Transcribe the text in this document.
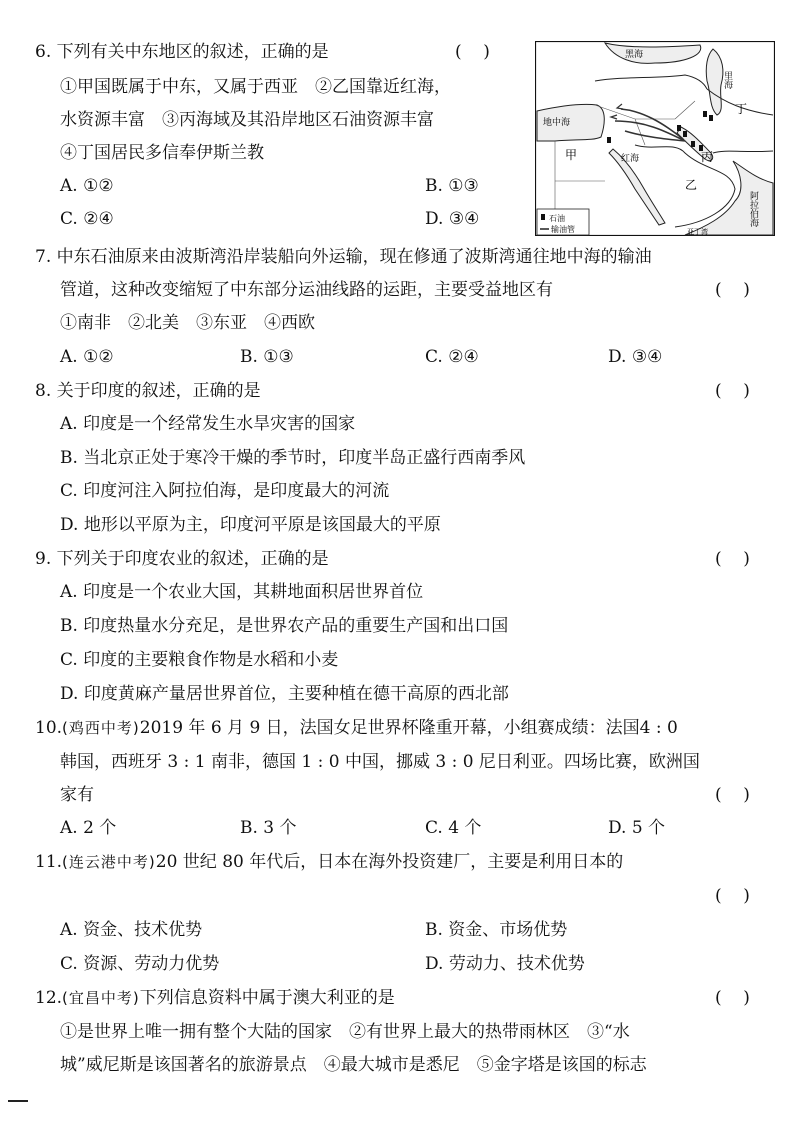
6. 下列有关中东地区的叙述，正确的是	(    )
①甲国既属于中东，又属于西亚　②乙国靠近红海，
水资源丰富　③丙海域及其沿岸地区石油资源丰富
④丁国居民多信奉伊斯兰教
A. ①②	B. ①③
C. ②④	D. ③④
黑海
里海
地中海
甲	红海	丙
丁
乙
阿拉伯海
亚丁湾
石油
输油管
7. 中东石油原来由波斯湾沿岸装船向外运输，现在修通了波斯湾通往地中海的输油
管道，这种改变缩短了中东部分运油线路的运距，主要受益地区有	(    )
①南非　②北美　③东亚　④西欧
A. ①②	B. ①③	C. ②④	D. ③④
8. 关于印度的叙述，正确的是	(    )
A. 印度是一个经常发生水旱灾害的国家
B. 当北京正处于寒冷干燥的季节时，印度半岛正盛行西南季风
C. 印度河注入阿拉伯海，是印度最大的河流
D. 地形以平原为主，印度河平原是该国最大的平原
9. 下列关于印度农业的叙述，正确的是	(    )
A. 印度是一个农业大国，其耕地面积居世界首位
B. 印度热量水分充足，是世界农产品的重要生产国和出口国
C. 印度的主要粮食作物是水稻和小麦
D. 印度黄麻产量居世界首位，主要种植在德干高原的西北部
10.(鸡西中考)2019 年 6 月 9 日，法国女足世界杯隆重开幕，小组赛成绩：法国4 : 0
韩国，西班牙 3 : 1 南非，德国 1 : 0 中国，挪威 3 : 0 尼日利亚。四场比赛，欧洲国
家有	(    )
A. 2 个	B. 3 个	C. 4 个	D. 5 个
11.(连云港中考)20 世纪 80 年代后，日本在海外投资建厂，主要是利用日本的
(    )
A. 资金、技术优势	B. 资金、市场优势
C. 资源、劳动力优势	D. 劳动力、技术优势
12.(宜昌中考)下列信息资料中属于澳大利亚的是	(    )
①是世界上唯一拥有整个大陆的国家　②有世界上最大的热带雨林区　③“水
城”威尼斯是该国著名的旅游景点　④最大城市是悉尼　⑤金字塔是该国的标志
